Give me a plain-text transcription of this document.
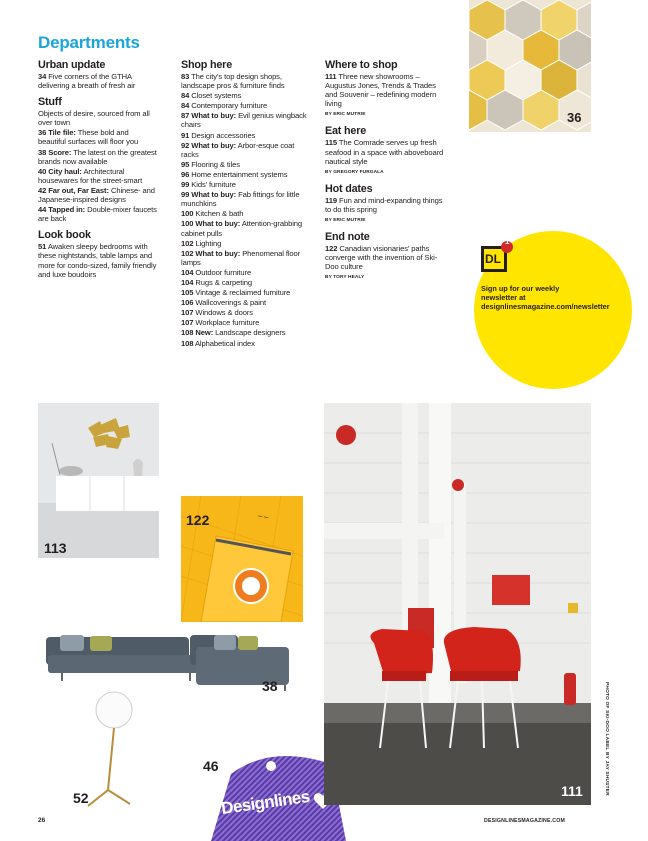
Departments
Urban update
34 Five corners of the GTHA delivering a breath of fresh air
Stuff
Objects of desire, sourced from all over town
36 Tile file: These bold and beautiful surfaces will floor you
38 Score: The latest on the greatest brands now available
40 City haul: Architectural housewares for the street-smart
42 Far out, Far East: Chinese- and Japanese-inspired designs
44 Tapped in: Double-mixer faucets are back
Look book
51 Awaken sleepy bedrooms with these nightstands, table lamps and more for condo-sized, family friendly and luxe boudoirs
Shop here
83 The city’s top design shops, landscape pros & furniture finds
84 Closet systems
84 Contemporary furniture
87 What to buy: Evil genius wingback chairs
91 Design accessories
92 What to buy: Arbor-esque coat racks
95 Flooring & tiles
96 Home entertainment systems
99 Kids’ furniture
99 What to buy: Fab fittings for little munchkins
100 Kitchen & bath
100 What to buy: Attention-grabbing cabinet pulls
102 Lighting
102 What to buy: Phenomenal floor lamps
104 Outdoor furniture
104 Rugs & carpeting
105 Vintage & reclaimed furniture
106 Wallcoverings & paint
107 Windows & doors
107 Workplace furniture
108 New: Landscape designers
108 Alphabetical index
Where to shop
111 Three new showrooms – Augustus Jones, Trends & Trades and Souvenir – redefining modern living
BY ERIC MUTRIE
Eat here
115 The Comrade serves up fresh seafood in a space with aboveboard nautical style
BY GREGORY FURGALA
Hot dates
119 Fun and mind-expanding things to do this spring
BY ERIC MUTRIE
End note
122 Canadian visionaries’ paths converge with the invention of Ski-Doo culture
BY TORY HEALY
36
DL
1
Sign up for our weekly newsletter at designlinesmagazine.com/newsletter
113
~~
122
38
52
46
Designlines	111	PHOTO OF SKI-DOO LABEL BY JAY SHUSTER
26	DESIGNLINESMAGAZINE.COM
